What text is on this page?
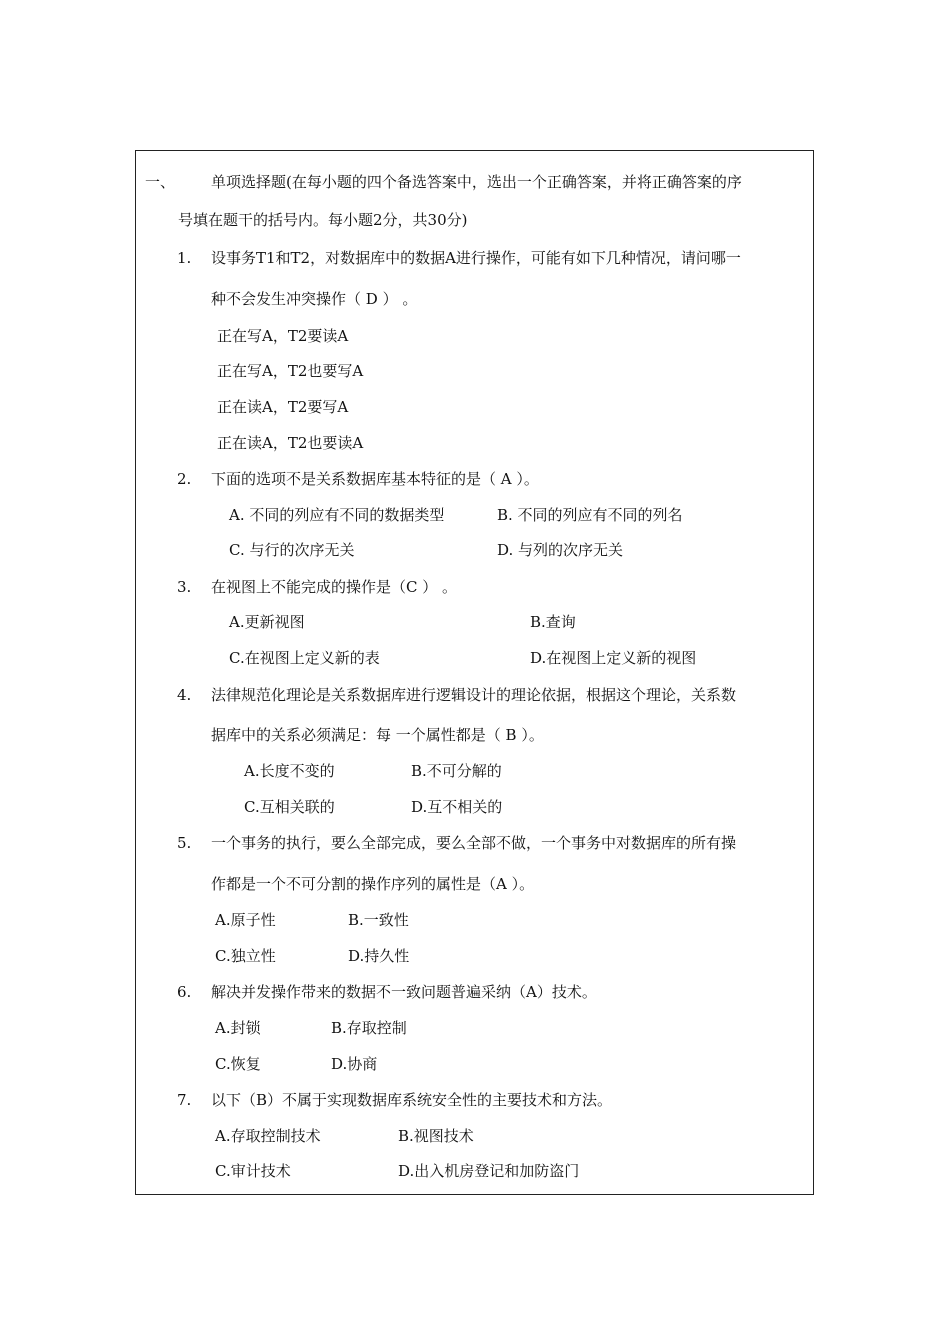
一、 单项选择题(在每小题的四个备选答案中，选出一个正确答案，并将正确答案的序
号填在题干的括号内。每小题2分，共30分)
1. 设事务T1和T2，对数据库中的数据A进行操作，可能有如下几种情况，请问哪一
种不会发生冲突操作（ D ） 。
正在写A，T2要读A
正在写A，T2也要写A
正在读A，T2要写A
正在读A，T2也要读A
2. 下面的选项不是关系数据库基本特征的是（ A ）。
A. 不同的列应有不同的数据类型	B. 不同的列应有不同的列名
C. 与行的次序无关	D. 与列的次序无关
3. 在视图上不能完成的操作是（C ） 。
A.更新视图	B.查询
C.在视图上定义新的表	D.在视图上定义新的视图
4. 法律规范化理论是关系数据库进行逻辑设计的理论依据，根据这个理论，关系数
据库中的关系必须满足：每 一个属性都是（ B ）。
A.长度不变的	B.不可分解的
C.互相关联的	D.互不相关的
5. 一个事务的执行，要么全部完成，要么全部不做，一个事务中对数据库的所有操
作都是一个不可分割的操作序列的属性是（A ）。
A.原子性	B.一致性
C.独立性	D.持久性
6. 解决并发操作带来的数据不一致问题普遍采纳（A）技术。
A.封锁	B.存取控制
C.恢复	D.协商
7. 以下（B）不属于实现数据库系统安全性的主要技术和方法。
A.存取控制技术	B.视图技术
C.审计技术	D.出入机房登记和加防盗门
